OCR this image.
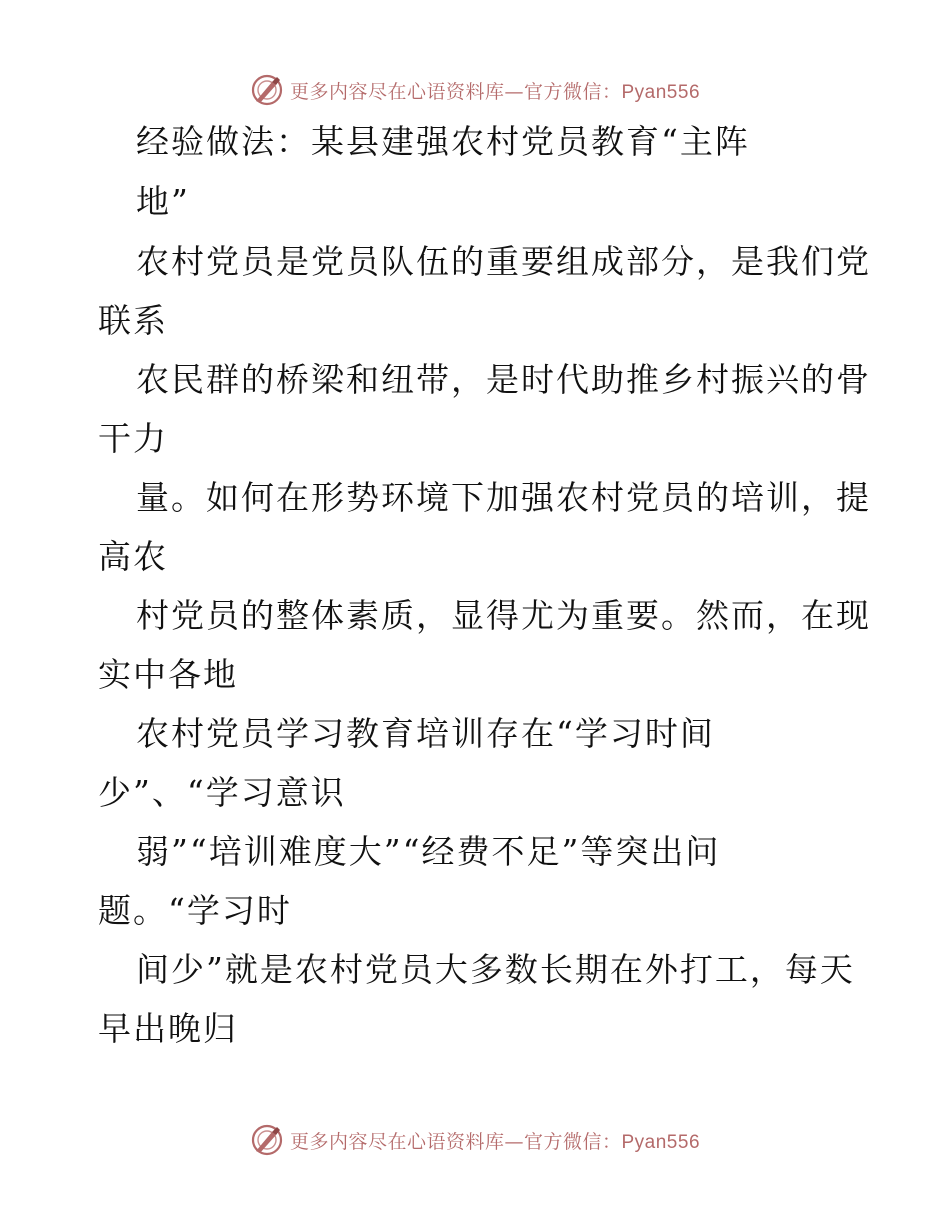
更多内容尽在心语资料库—官方微信：Pyan556
经验做法：某县建强农村党员教育“主阵
地”
农村党员是党员队伍的重要组成部分，是我们党
联系
农民群的桥梁和纽带，是时代助推乡村振兴的骨
干力
量。如何在形势环境下加强农村党员的培训，提
高农
村党员的整体素质，显得尤为重要。然而，在现
实中各地
农村党员学习教育培训存在“学习时间
少”、“学习意识
弱”“培训难度大”“经费不足”等突出问
题。“学习时
间少”就是农村党员大多数长期在外打工，每天
早出晚归
更多内容尽在心语资料库—官方微信：Pyan556
